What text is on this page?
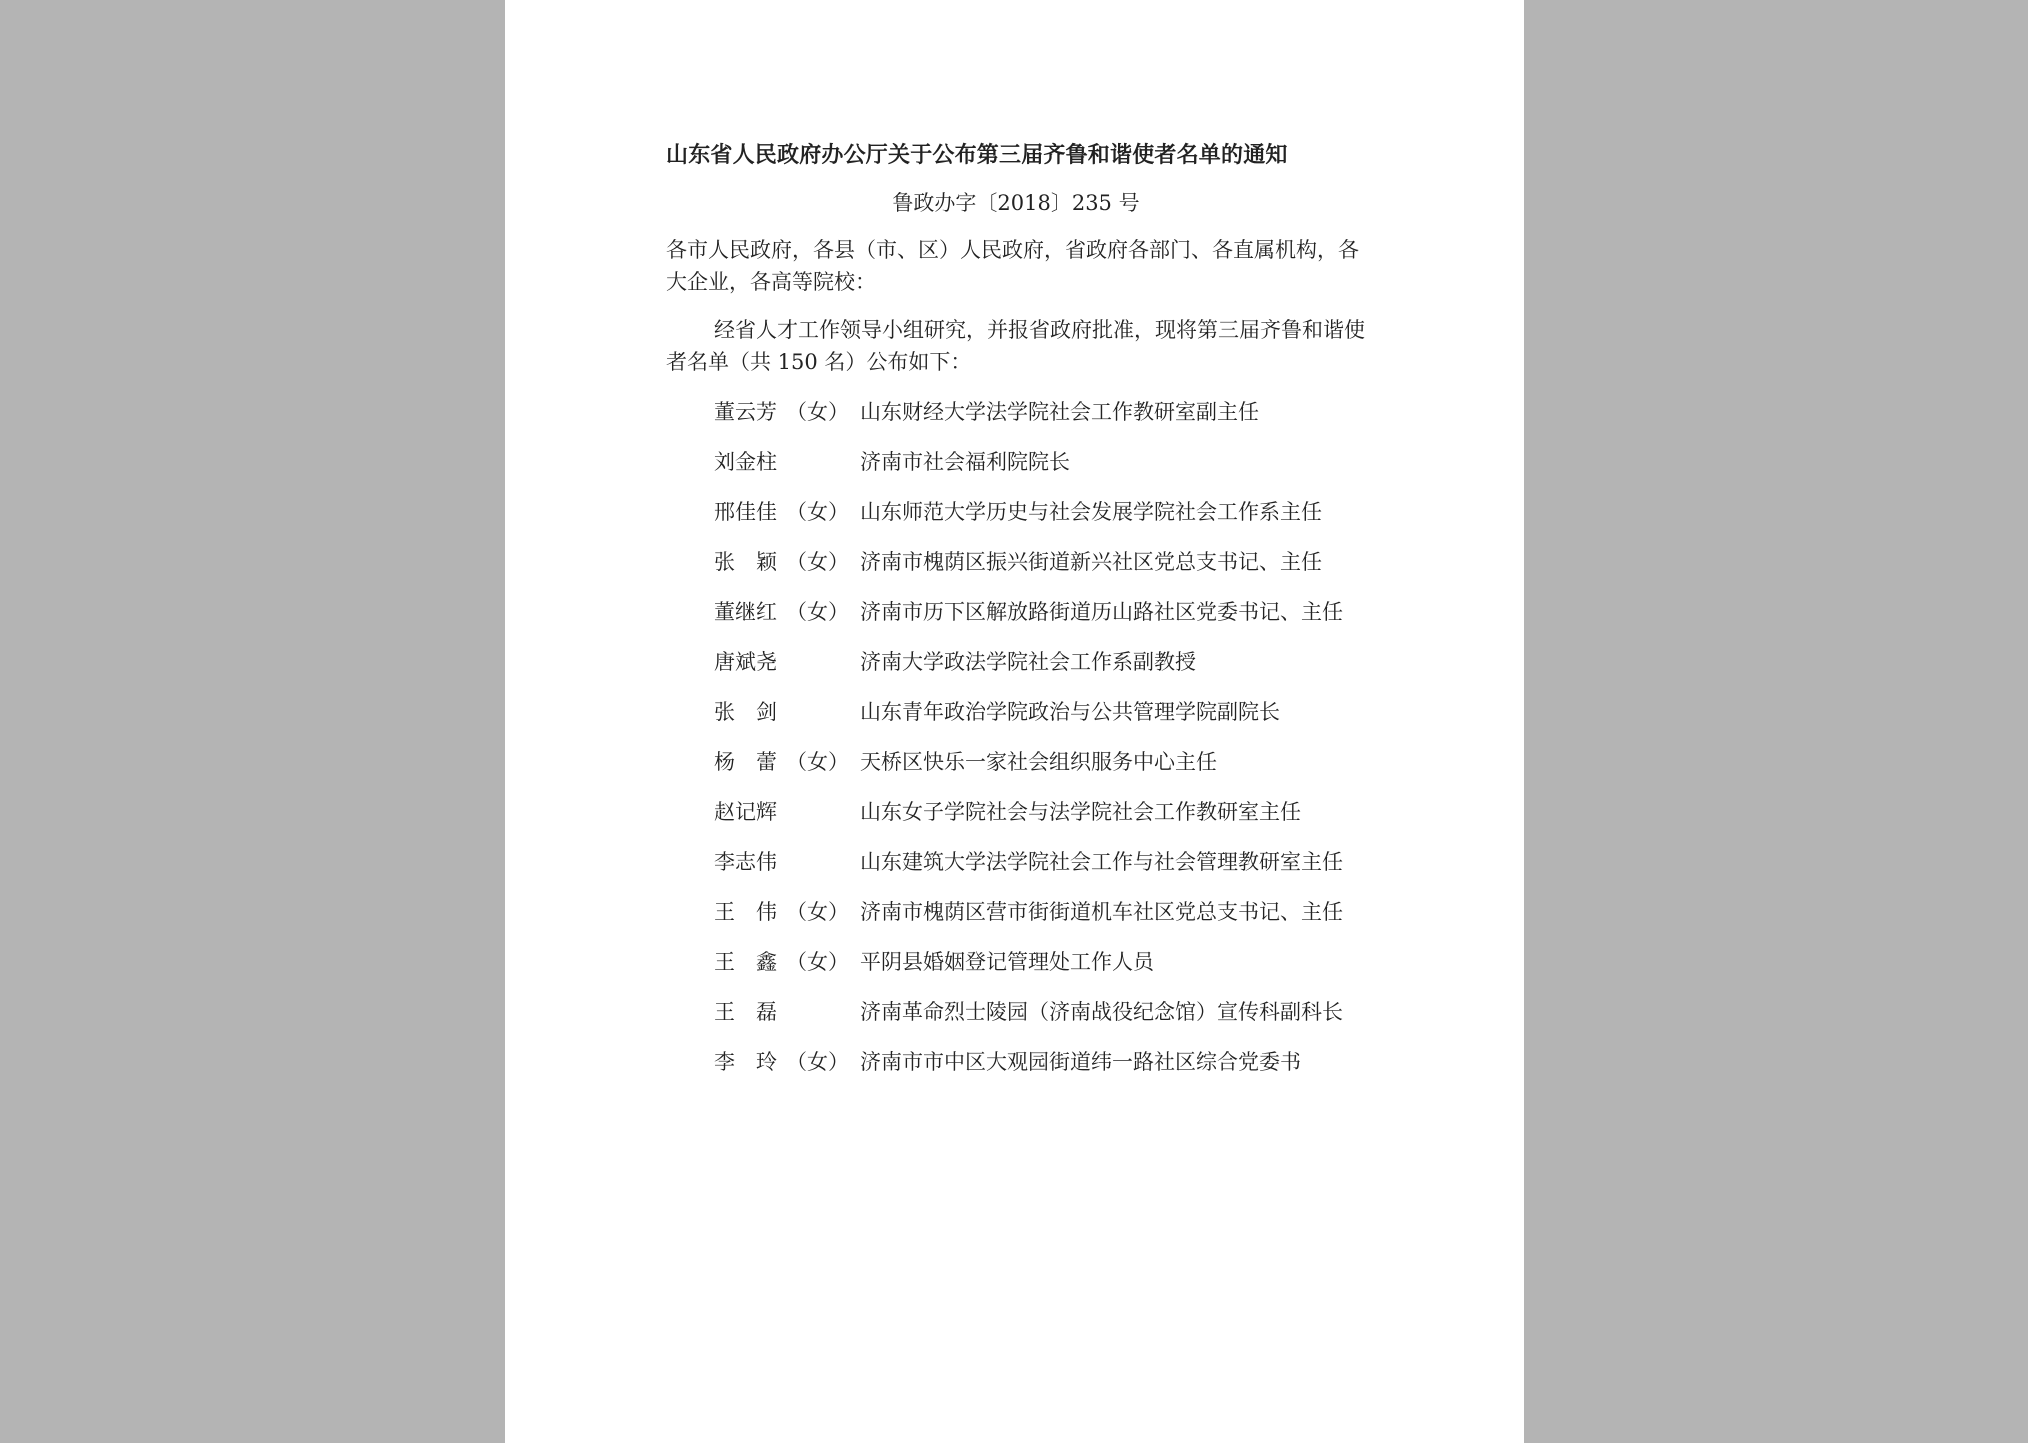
山东省人民政府办公厅关于公布第三届齐鲁和谐使者名单的通知
鲁政办字〔2018〕235 号

各市人民政府，各县（市、区）人民政府，省政府各部门、各直属机构，各大企业，各高等院校：

经省人才工作领导小组研究，并报省政府批准，现将第三届齐鲁和谐使者名单（共 150 名）公布如下：

董云芳 （女） 山东财经大学法学院社会工作教研室副主任
刘金柱	济南市社会福利院院长
邢佳佳 （女） 山东师范大学历史与社会发展学院社会工作系主任
张　颖 （女） 济南市槐荫区振兴街道新兴社区党总支书记、主任
董继红 （女） 济南市历下区解放路街道历山路社区党委书记、主任
唐斌尧	济南大学政法学院社会工作系副教授
张　剑	山东青年政治学院政治与公共管理学院副院长
杨　蕾 （女） 天桥区快乐一家社会组织服务中心主任
赵记辉	山东女子学院社会与法学院社会工作教研室主任
李志伟	山东建筑大学法学院社会工作与社会管理教研室主任
王　伟 （女） 济南市槐荫区营市街街道机车社区党总支书记、主任
王　鑫 （女） 平阴县婚姻登记管理处工作人员
王　磊	济南革命烈士陵园（济南战役纪念馆）宣传科副科长
李　玲 （女） 济南市市中区大观园街道纬一路社区综合党委书
